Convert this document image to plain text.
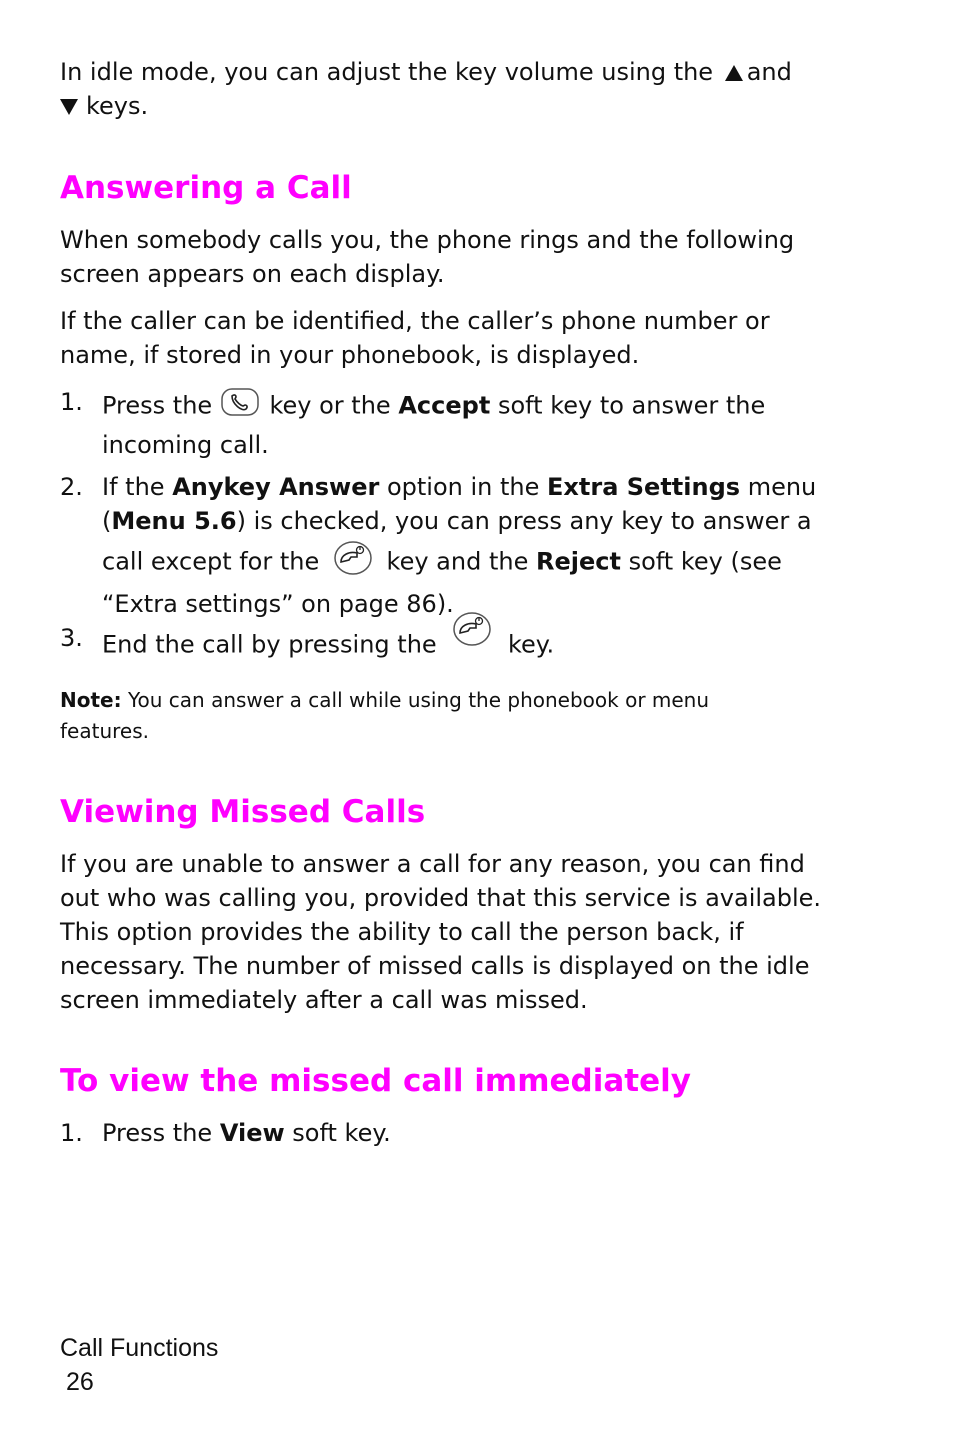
In idle mode, you can adjust the key volume using the and
keys.

Answering a Call

When somebody calls you, the phone rings and the following
screen appears on each display.

If the caller can be identified, the caller’s phone number or
name, if stored in your phonebook, is displayed.

1. Press the key or the Accept soft key to answer the
incoming call.
2. If the Anykey Answer option in the Extra Settings menu
(Menu 5.6) is checked, you can press any key to answer a
call except for the	key and the Reject soft key (see
“Extra settings” on page 86).
3. End the call by pressing the	key.
Note: You can answer a call while using the phonebook or menu
features.
Viewing Missed Calls

If you are unable to answer a call for any reason, you can find
out who was calling you, provided that this service is available.
This option provides the ability to call the person back, if
necessary. The number of missed calls is displayed on the idle
screen immediately after a call was missed.

To view the missed call immediately
1. Press the View soft key.
Call Functions
26
